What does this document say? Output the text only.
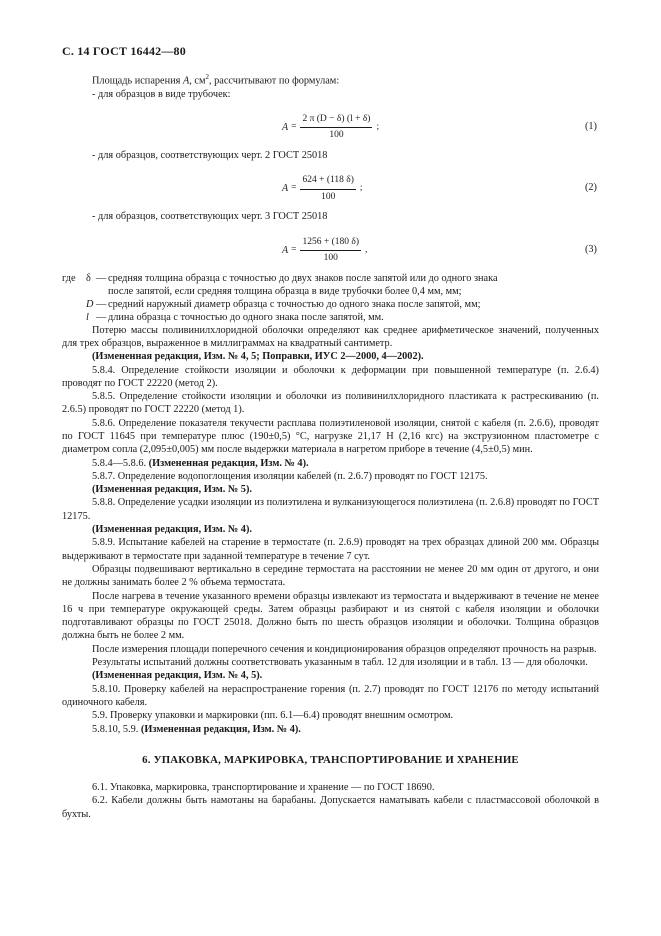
С. 14 ГОСТ 16442—80

Площадь испарения A, $см^2$, рассчитывают по формулам:

- для образцов в виде трубочек:

$A = \frac{2 \pi (D - \delta) (l + \delta)}{100}$ ;	(1)

- для образцов, соответствующих черт. 2 ГОСТ 25018

$A = \frac{624 + (118 \delta)}{100}$ ;	(2)

- для образцов, соответствующих черт. 3 ГОСТ 25018

$A = \frac{1256 + (180 \delta)}{100}$ ,	(3)
где δ — средняя толщина образца с точностью до двух знаков после запятой или до одного знака
после запятой, если средняя толщина образца в виде трубочки более 0,4 мм, мм;
D — средний наружный диаметр образца с точностью до одного знака после запятой, мм;
l — длина образца с точностью до одного знака после запятой, мм.

Потерю массы поливинилхлоридной оболочки определяют как среднее арифметическое значений, полученных для трех образцов, выраженное в миллиграммах на квадратный сантиметр.

(Измененная редакция, Изм. № 4, 5; Поправки, ИУС 2—2000, 4—2002).

5.8.4. Определение стойкости изоляции и оболочки к деформации при повышенной температуре (п. 2.6.4) проводят по ГОСТ 22220 (метод 2).

5.8.5. Определение стойкости изоляции и оболочки из поливинилхлоридного пластиката к растрескиванию (п. 2.6.5) проводят по ГОСТ 22220 (метод 1).

5.8.6. Определение показателя текучести расплава полиэтиленовой изоляции, снятой с кабеля (п. 2.6.6), проводят по ГОСТ 11645 при температуре плюс (190±0,5) °С, нагрузке 21,17 Н (2,16 кгс) на экструзионном пластометре с диаметром сопла (2,095±0,005) мм после выдержки материала в нагретом приборе в течение (4,5±0,5) мин.

5.8.4—5.8.6. (Измененная редакция, Изм. № 4).

5.8.7. Определение водопоглощения изоляции кабелей (п. 2.6.7) проводят по ГОСТ 12175.

(Измененная редакция, Изм. № 5).

5.8.8. Определение усадки изоляции из полиэтилена и вулканизующегося полиэтилена (п. 2.6.8) проводят по ГОСТ 12175.

(Измененная редакция, Изм. № 4).

5.8.9. Испытание кабелей на старение в термостате (п. 2.6.9) проводят на трех образцах длиной 200 мм. Образцы выдерживают в термостате при заданной температуре в течение 7 сут.

Образцы подвешивают вертикально в середине термостата на расстоянии не менее 20 мм один от другого, и они не должны занимать более 2 % объема термостата.

После нагрева в течение указанного времени образцы извлекают из термостата и выдерживают в течение не менее 16 ч при температуре окружающей среды. Затем образцы разбирают и из снятой с кабеля изоляции и оболочки подготавливают образцы по ГОСТ 25018. Должно быть по шесть образцов изоляции и оболочки. Толщина образцов должна быть не более 2 мм.

После измерения площади поперечного сечения и кондиционирования образцов определяют прочность на разрыв.

Результаты испытаний должны соответствовать указанным в табл. 12 для изоляции и в табл. 13 — для оболочки.

(Измененная редакция, Изм. № 4, 5).

5.8.10. Проверку кабелей на нераспространение горения (п. 2.7) проводят по ГОСТ 12176 по методу испытаний одиночного кабеля.

5.9. Проверку упаковки и маркировки (пп. 6.1—6.4) проводят внешним осмотром.

5.8.10, 5.9. (Измененная редакция, Изм. № 4).

6. УПАКОВКА, МАРКИРОВКА, ТРАНСПОРТИРОВАНИЕ И ХРАНЕНИЕ

6.1. Упаковка, маркировка, транспортирование и хранение — по ГОСТ 18690.

6.2. Кабели должны быть намотаны на барабаны. Допускается наматывать кабели с пластмассовой оболочкой в бухты.
